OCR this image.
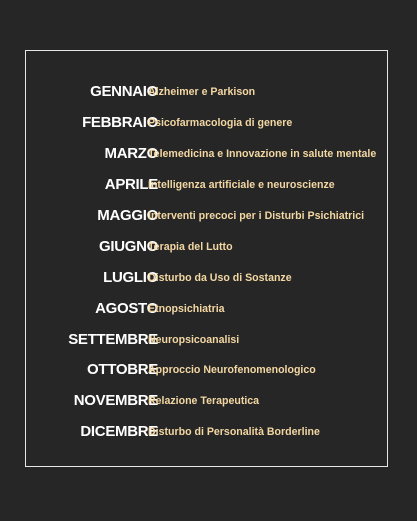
GENNAIO
Alzheimer e Parkison
FEBBRAIO
Psicofarmacologia di genere
MARZO
Telemedicina e Innovazione in salute mentale
APRILE
Intelligenza artificiale e neuroscienze
MAGGIO
Interventi precoci per i Disturbi Psichiatrici
GIUGNO
Terapia del Lutto
LUGLIO
Disturbo da Uso di Sostanze
AGOSTO
Etnopsichiatria
SETTEMBRE
Neuropsicoanalisi
OTTOBRE
Approccio Neurofenomenologico
NOVEMBRE
Relazione Terapeutica
DICEMBRE
Disturbo di Personalità Borderline
